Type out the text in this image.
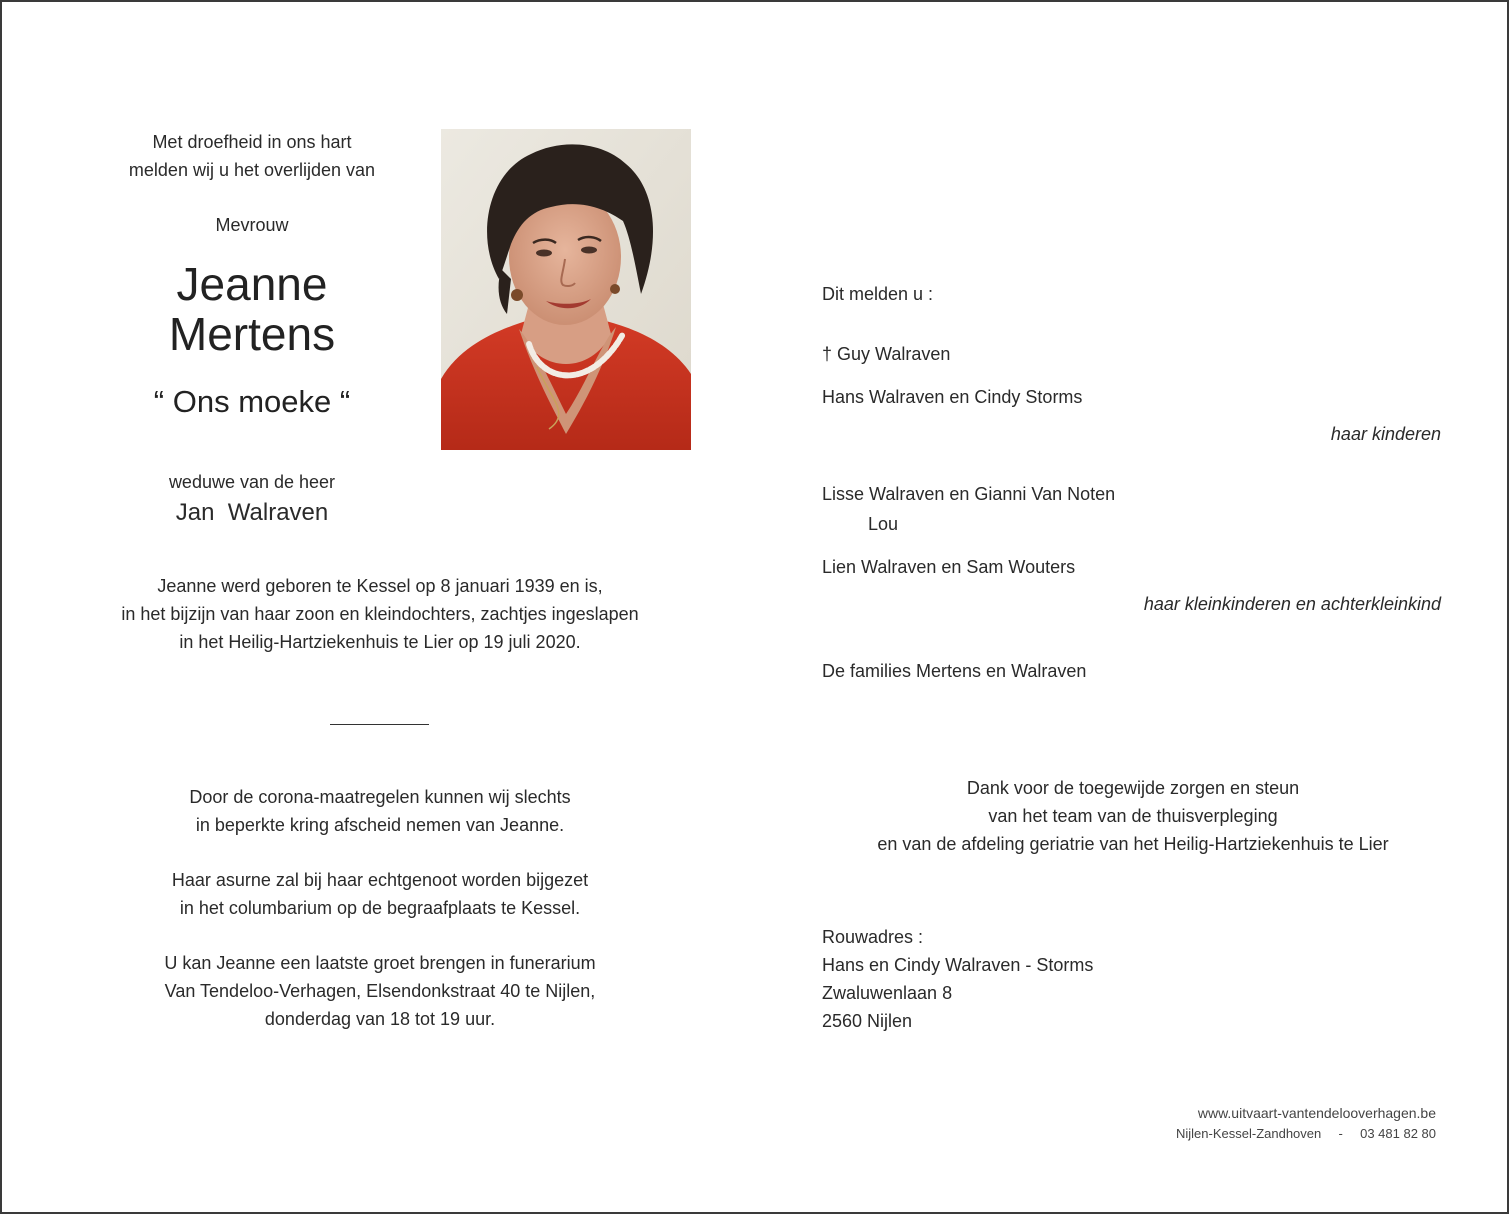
Met droefheid in ons hart
melden wij u het overlijden van
Mevrouw
Jeanne
Mertens
“ Ons moeke “
weduwe van de heer
Jan  Walraven
Jeanne werd geboren te Kessel op 8 januari 1939 en is,
in het bijzijn van haar zoon en kleindochters, zachtjes ingeslapen
in het Heilig-Hartziekenhuis te Lier op 19 juli 2020.
Door de corona-maatregelen kunnen wij slechts
in beperkte kring afscheid nemen van Jeanne.
Haar asurne zal bij haar echtgenoot worden bijgezet
in het columbarium op de begraafplaats te Kessel.
U kan Jeanne een laatste groet brengen in funerarium
Van Tendeloo-Verhagen, Elsendonkstraat 40 te Nijlen,
donderdag van 18 tot 19 uur.
Dit melden u :
† Guy Walraven
Hans Walraven en Cindy Storms
haar kinderen
Lisse Walraven en Gianni Van Noten
Lou
Lien Walraven en Sam Wouters
haar kleinkinderen en achterkleinkind
De families Mertens en Walraven
Dank voor de toegewijde zorgen en steun
van het team van de thuisverpleging
en van de afdeling geriatrie van het Heilig-Hartziekenhuis te Lier
Rouwadres :
Hans en Cindy Walraven - Storms
Zwaluwenlaan 8
2560 Nijlen
www.uitvaart-vantendelooverhagen.be
Nijlen-Kessel-Zandhoven - 03 481 82 80
